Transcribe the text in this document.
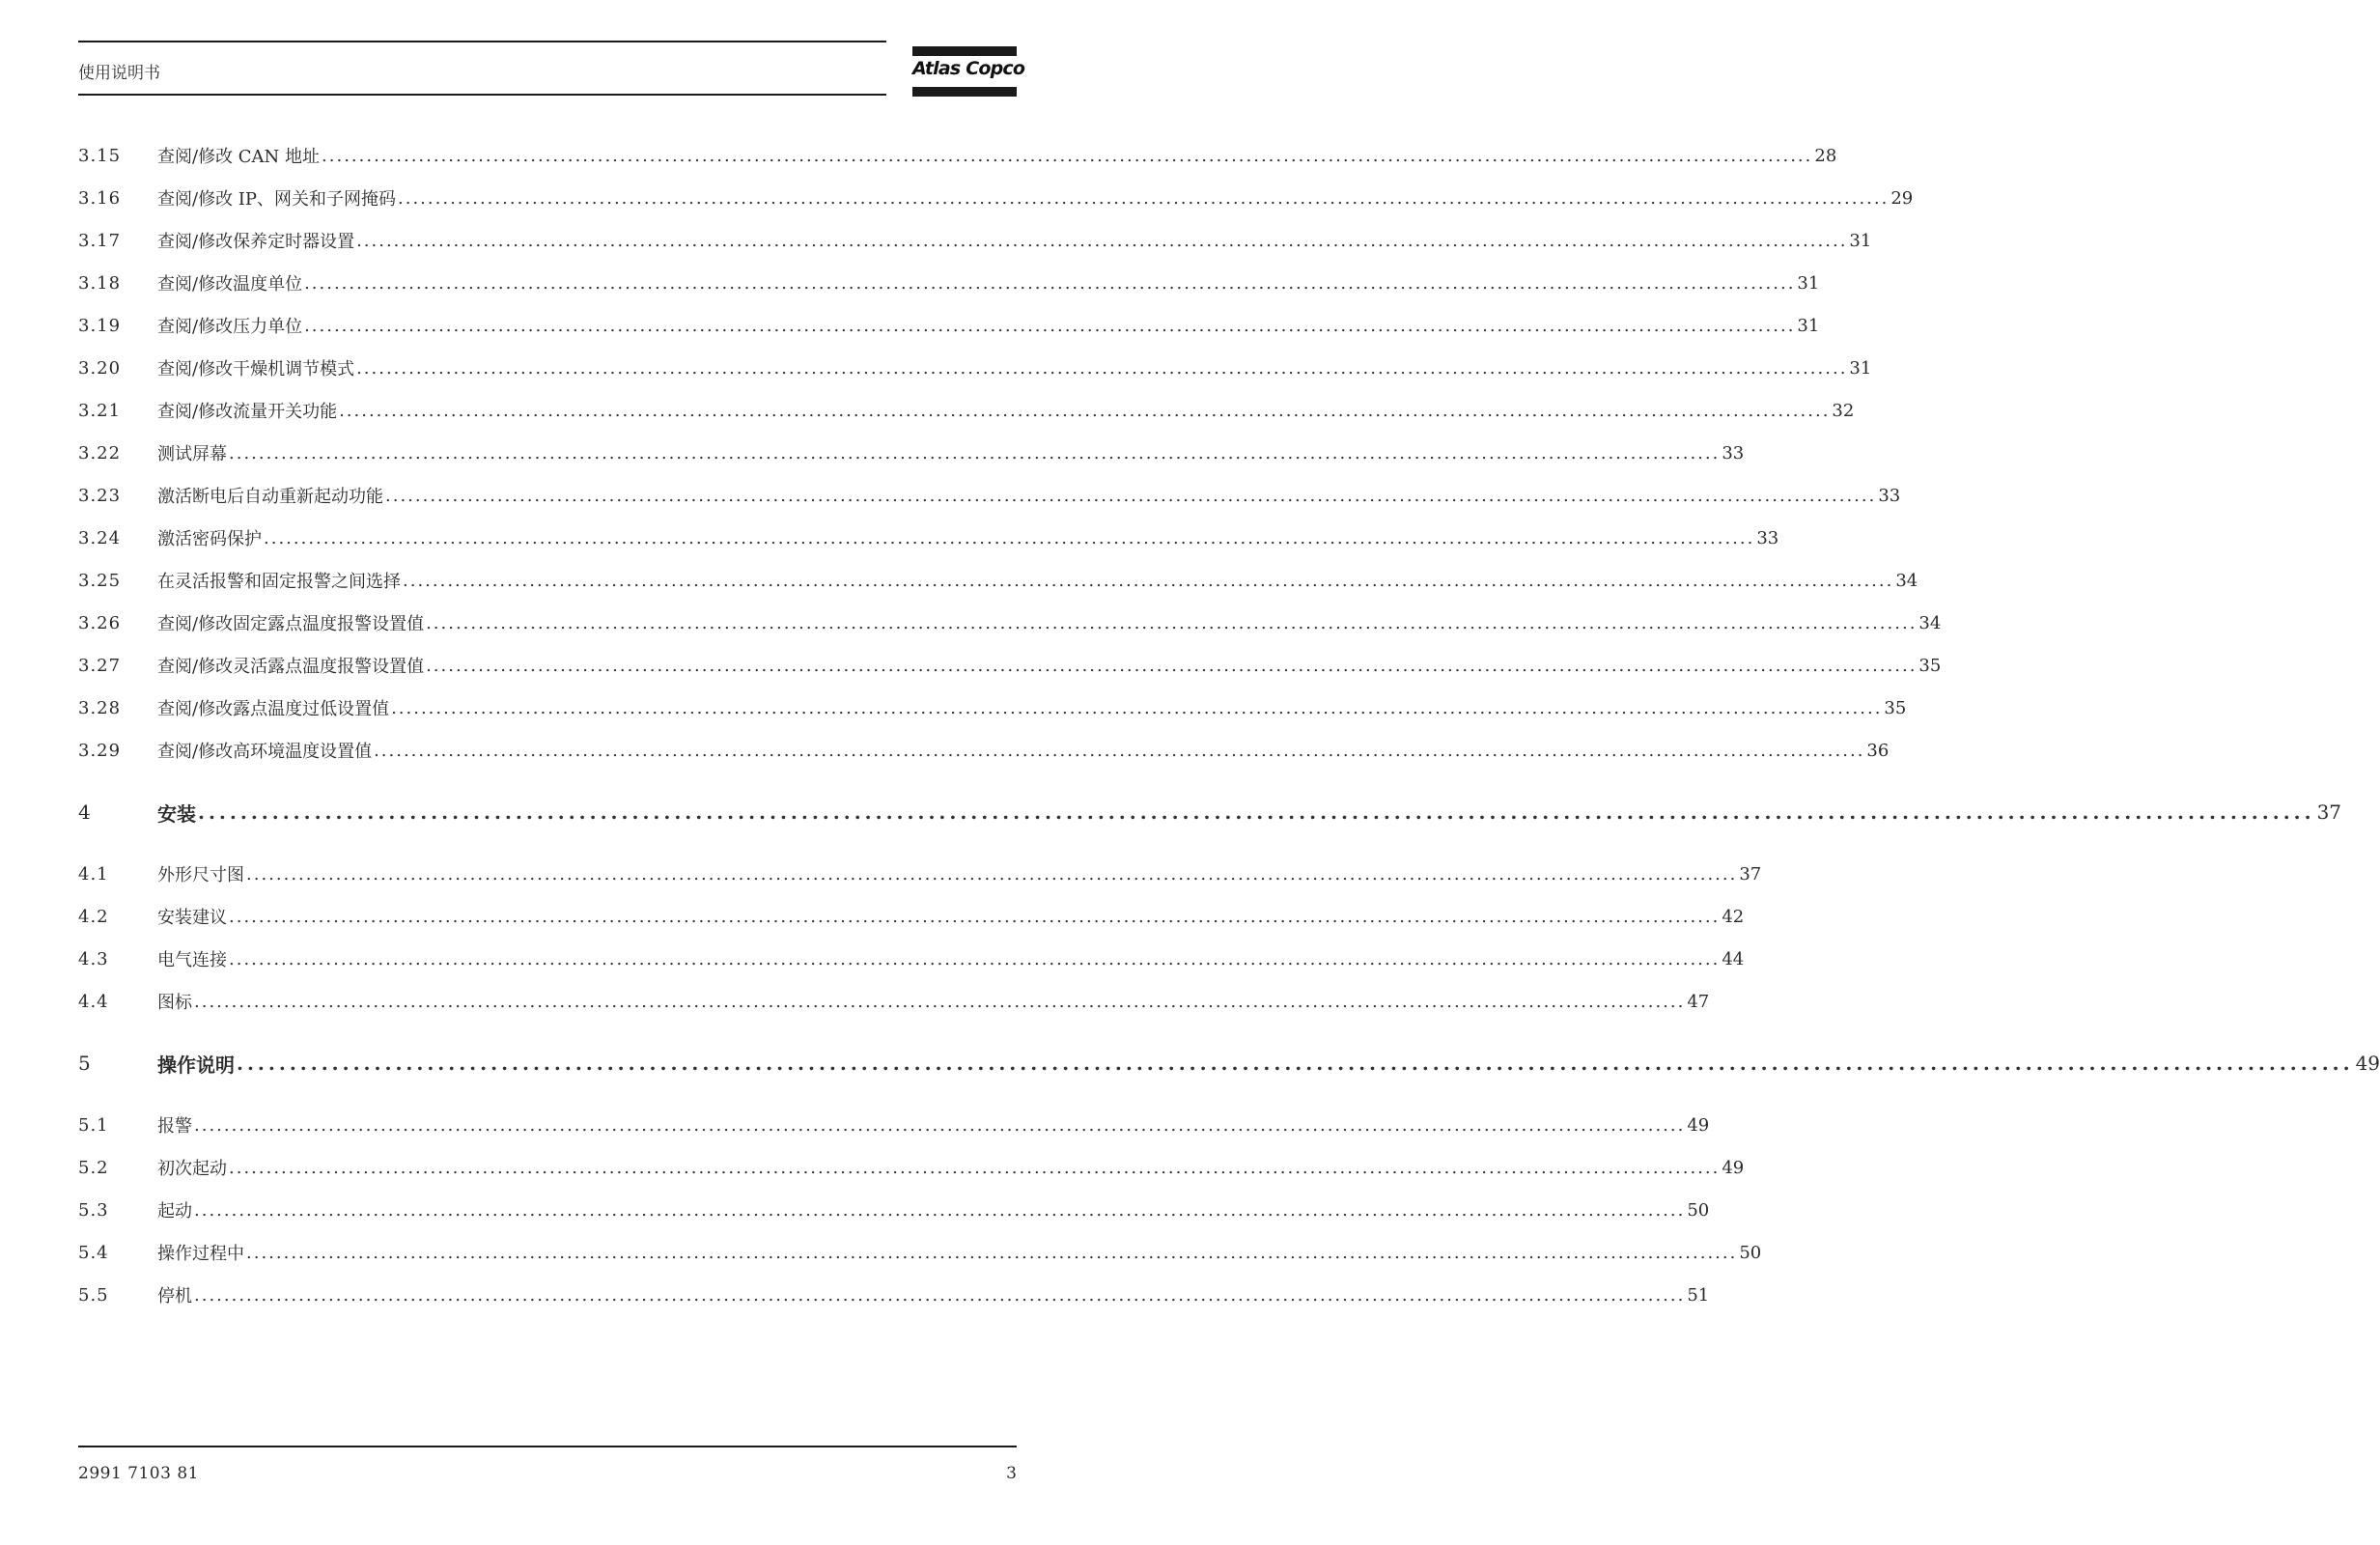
使用说明书	Atlas Copco
3.15	查阅/修改 CAN 地址 ........................................................................................................................................................................................................ 28
3.16	查阅/修改 IP、网关和子网掩码 ........................................................................................................................................................................................................ 29
3.17	查阅/修改保养定时器设置 ........................................................................................................................................................................................................ 31
3.18	查阅/修改温度单位 ........................................................................................................................................................................................................ 31
3.19	查阅/修改压力单位 ........................................................................................................................................................................................................ 31
3.20	查阅/修改干燥机调节模式 ........................................................................................................................................................................................................ 31
3.21	查阅/修改流量开关功能 ........................................................................................................................................................................................................ 32
3.22	测试屏幕 ........................................................................................................................................................................................................ 33
3.23	激活断电后自动重新起动功能 ........................................................................................................................................................................................................ 33
3.24	激活密码保护 ........................................................................................................................................................................................................ 33
3.25	在灵活报警和固定报警之间选择 ........................................................................................................................................................................................................ 34
3.26	查阅/修改固定露点温度报警设置值 ........................................................................................................................................................................................................ 34
3.27	查阅/修改灵活露点温度报警设置值 ........................................................................................................................................................................................................ 35
3.28	查阅/修改露点温度过低设置值 ........................................................................................................................................................................................................ 35
3.29	查阅/修改高环境温度设置值 ........................................................................................................................................................................................................ 36
4	安装 ........................................................................................................................................................................................................ 37
4.1	外形尺寸图 ........................................................................................................................................................................................................ 37
4.2	安装建议 ........................................................................................................................................................................................................ 42
4.3	电气连接 ........................................................................................................................................................................................................ 44
4.4	图标 ........................................................................................................................................................................................................ 47
5	操作说明 ........................................................................................................................................................................................................ 49
5.1	报警 ........................................................................................................................................................................................................ 49
5.2	初次起动 ........................................................................................................................................................................................................ 49
5.3	起动 ........................................................................................................................................................................................................ 50
5.4	操作过程中 ........................................................................................................................................................................................................ 50
5.5	停机 ........................................................................................................................................................................................................ 51
2991 7103 81	3
